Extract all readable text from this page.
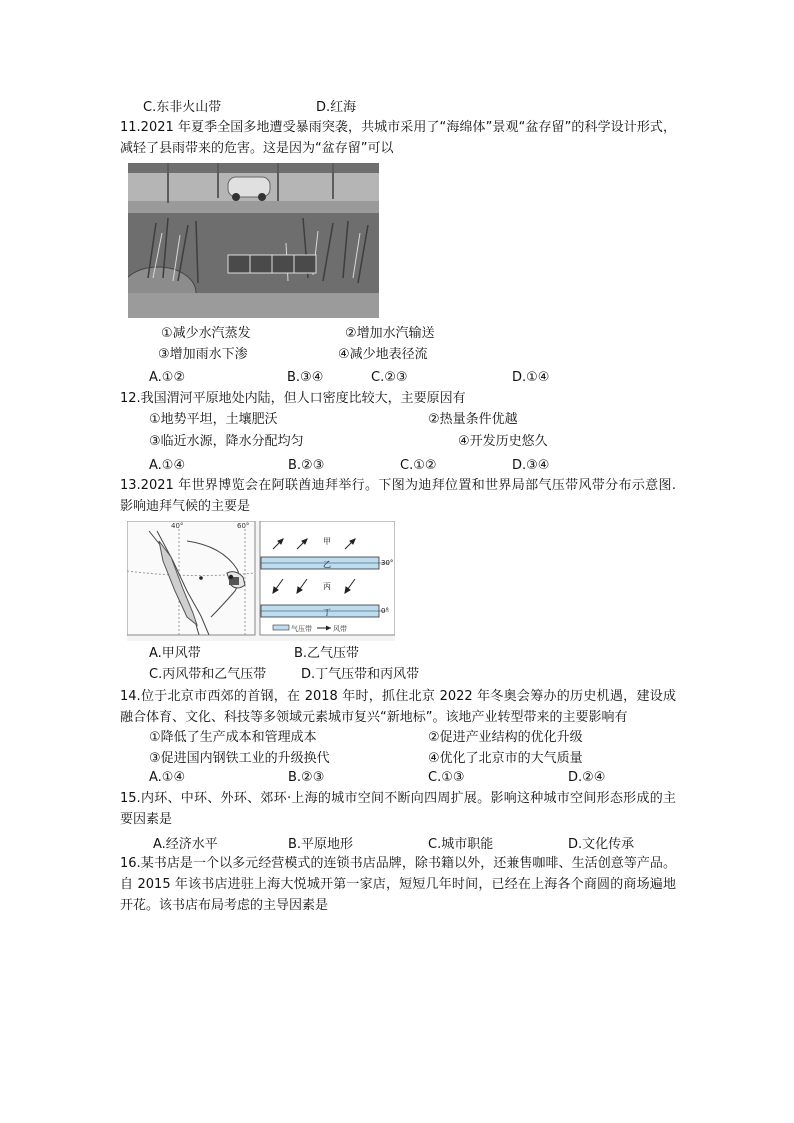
C.东非火山带	D.红海
11.2021 年夏季全国多地遭受暴雨突袭，共城市采用了“海绵体”景观“盆存留”的科学设计形式，减轻了县雨带来的危害。这是因为“盆存留”可以
①减少水汽蒸发	②增加水汽输送
③增加雨水下渗	④减少地表径流
A.①②	B.③④	C.②③	D.①④
12.我国渭河平原地处内陆，但人口密度比较大，主要原因有
①地势平坦，土壤肥沃	②热量条件优越
③临近水源，降水分配均匀	④开发历史悠久
A.①④	B.②③	C.①②	D.③④
13.2021 年世界博览会在阿联酋迪拜举行。下图为迪拜位置和世界局部气压带风带分布示意图.影响迪拜气候的主要是
40°	60°
甲
乙
丙
丁
30°
0°
气压带	风带
A.甲风带	B.乙气压带
C.丙风带和乙气压带	D.丁气压带和丙风带
14.位于北京市西郊的首钢，在 2018 年时，抓住北京 2022 年冬奥会筹办的历史机遇，建设成融合体育、文化、科技等多领域元素城市复兴“新地标”。该地产业转型带来的主要影响有
①降低了生产成本和管理成本	②促进产业结构的优化升级
③促进国内钢铁工业的升级换代	④优化了北京市的大气质量
A.①④	B.②③	C.①③	D.②④
15.内环、中环、外环、郊环·上海的城市空间不断向四周扩展。影响这种城市空间形态形成的主要因素是
A.经济水平	B.平原地形	C.城市职能	D.文化传承
16.某书店是一个以多元经营模式的连锁书店品牌，除书籍以外，还兼售咖啡、生活创意等产品。自 2015 年该书店进驻上海大悦城开第一家店，短短几年时间，已经在上海各个商圆的商场遍地开花。该书店布局考虑的主导因素是
